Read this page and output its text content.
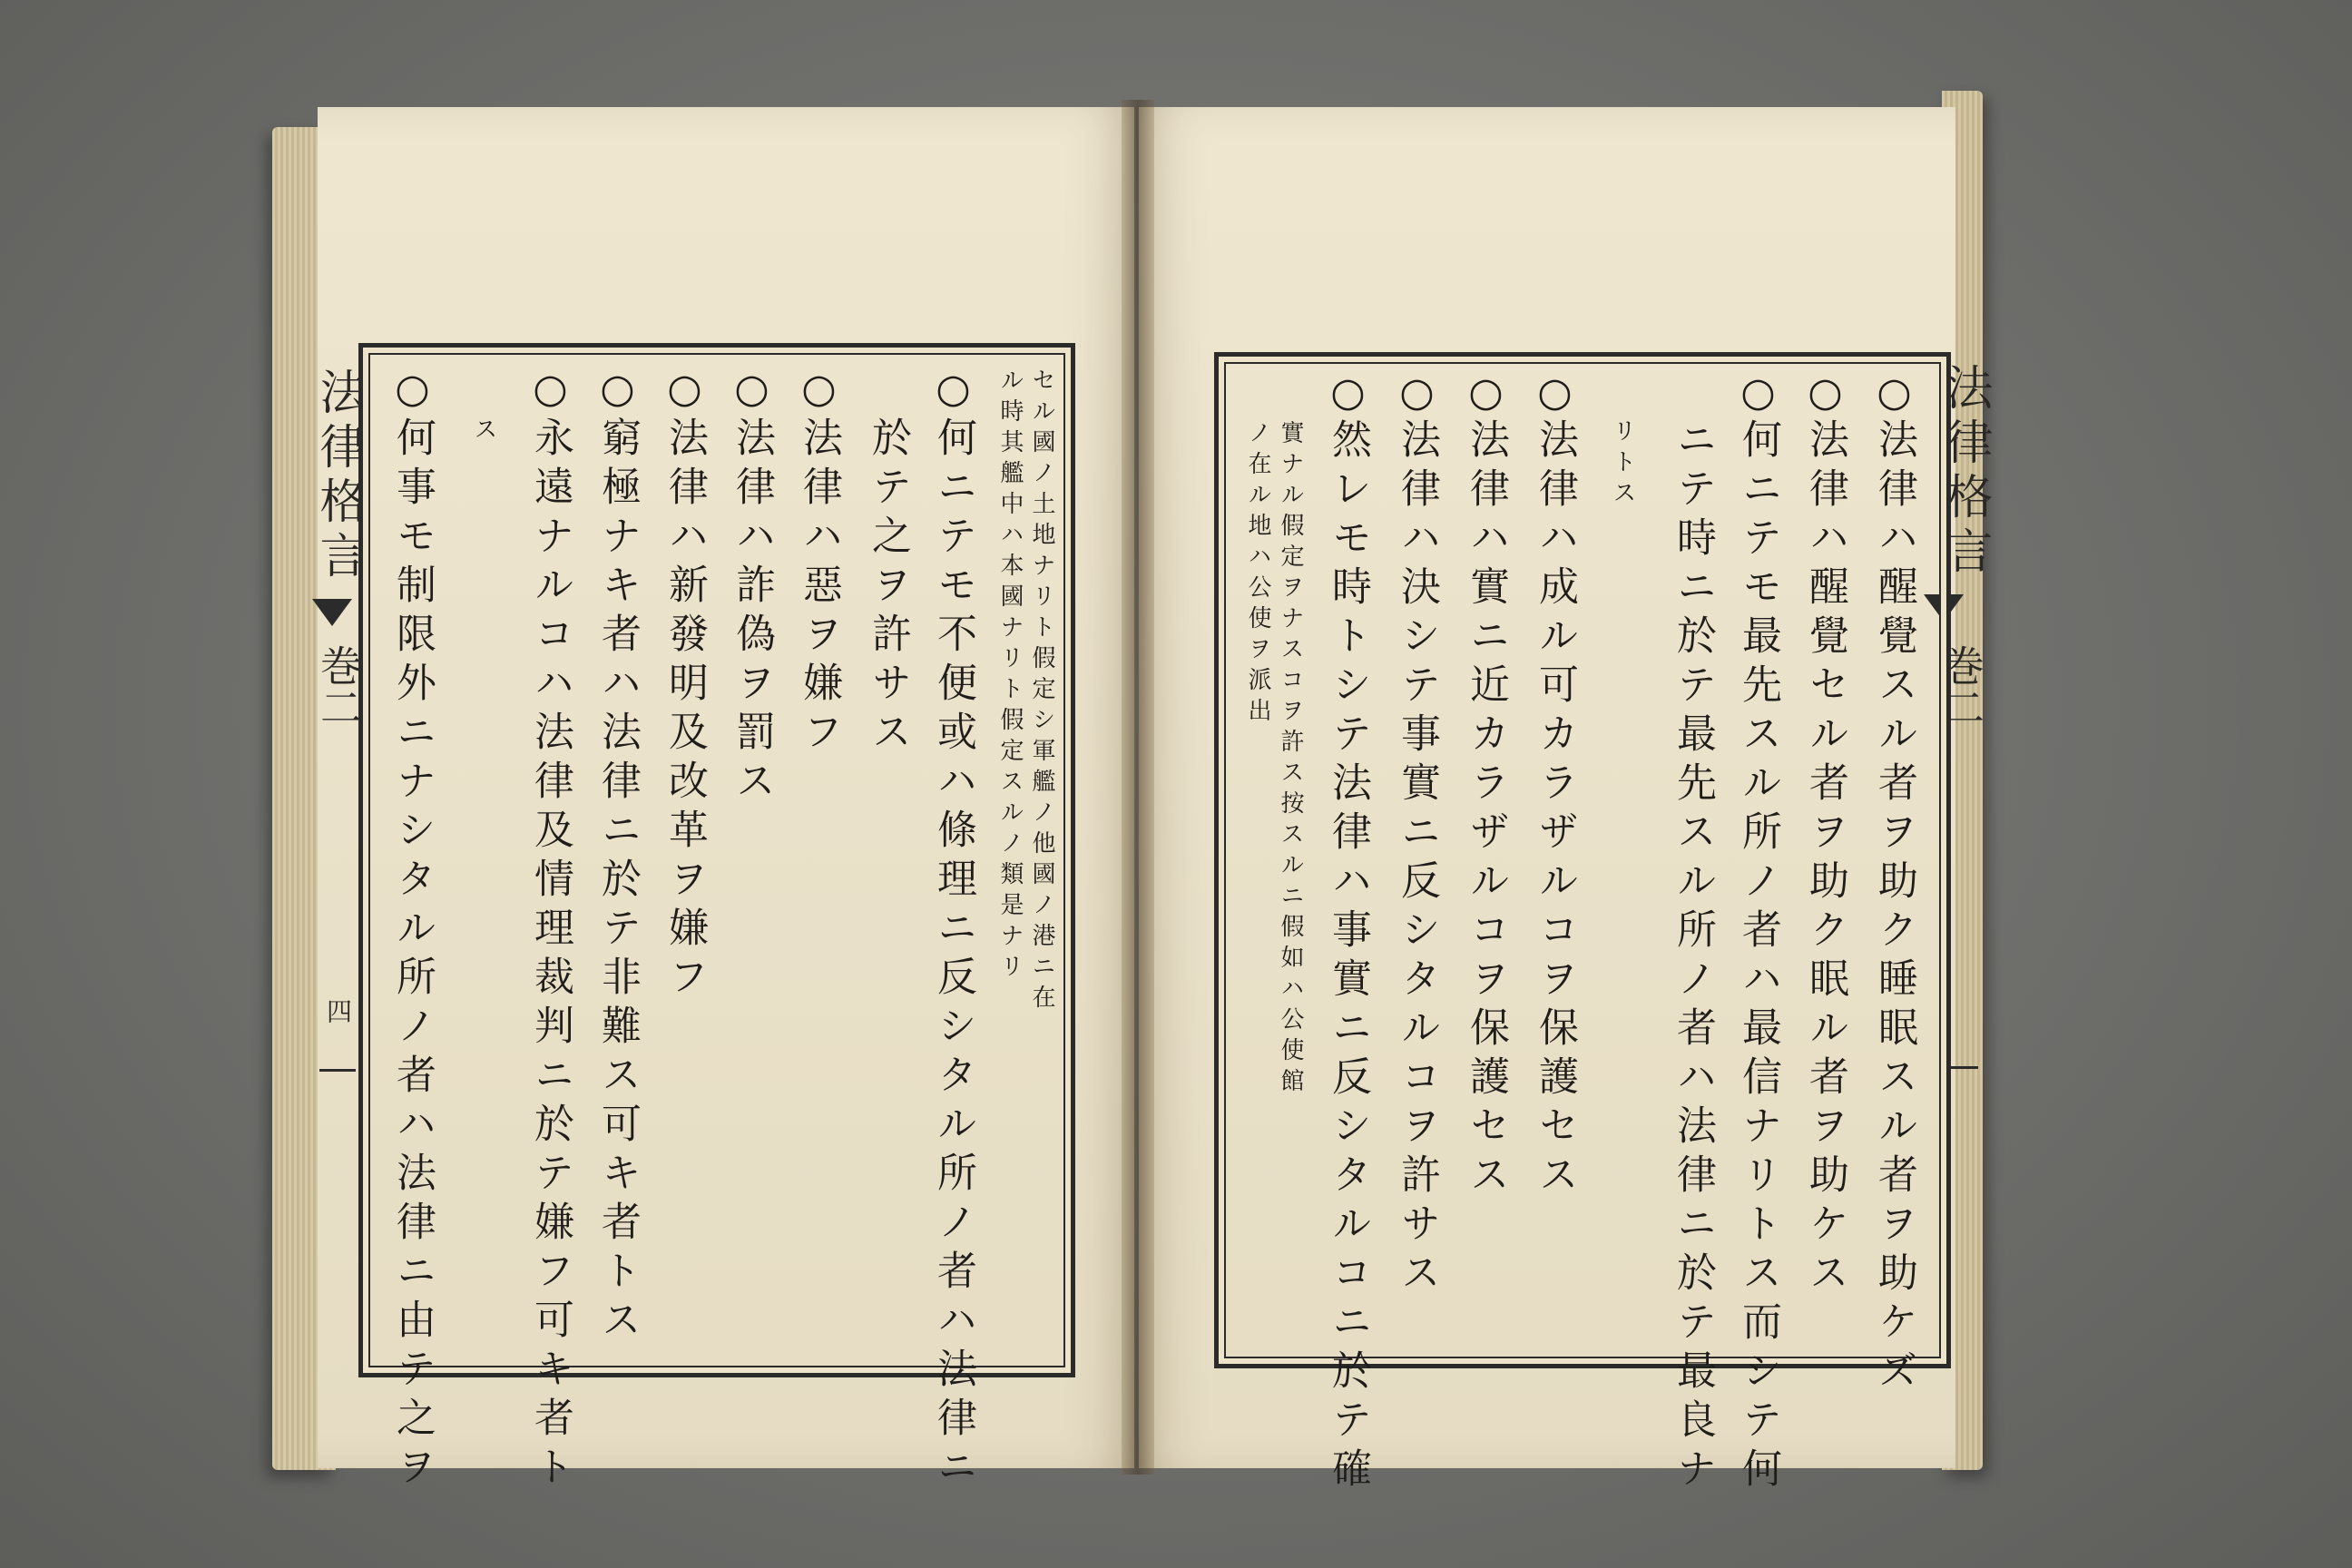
法律格言
巻二
四	セル國ノ土地ナリト假定シ軍艦ノ他國ノ港ニ在
ル時其艦中ハ本國ナリト假定スルノ類是ナリ
○
何ニテモ不便或ハ條理ニ反シタル所ノ者ハ法律ニ
於テ之ヲ許サス
○
法律ハ惡ヲ嫌フ
○
法律ハ詐偽ヲ罰ス
○
法律ハ新發明及改革ヲ嫌フ
○
窮極ナキ者ハ法律ニ於テ非難ス可キ者トス
○
永遠ナルコハ法律及情理裁判ニ於テ嫌フ可キ者ト
ス
○
何事モ制限外ニナシタル所ノ者ハ法律ニ由テ之ヲ	法律格言
巻二
○
法律ハ醒覺スル者ヲ助ク睡眠スル者ヲ助ケズ
○
法律ハ醒覺セル者ヲ助ク眠ル者ヲ助ケス
○
何ニテモ最先スル所ノ者ハ最信ナリトス而シテ何
ニテ時ニ於テ最先スル所ノ者ハ法律ニ於テ最良ナ
リトス
○
法律ハ成ル可カラザルコヲ保護セス
○
法律ハ實ニ近カラザルコヲ保護セス
○
法律ハ決シテ事實ニ反シタルコヲ許サス
○
然レモ時トシテ法律ハ事實ニ反シタルコニ於テ確
實ナル假定ヲナスコヲ許ス按スルニ假如ハ公使館
ノ在ル地ハ公使ヲ派出
